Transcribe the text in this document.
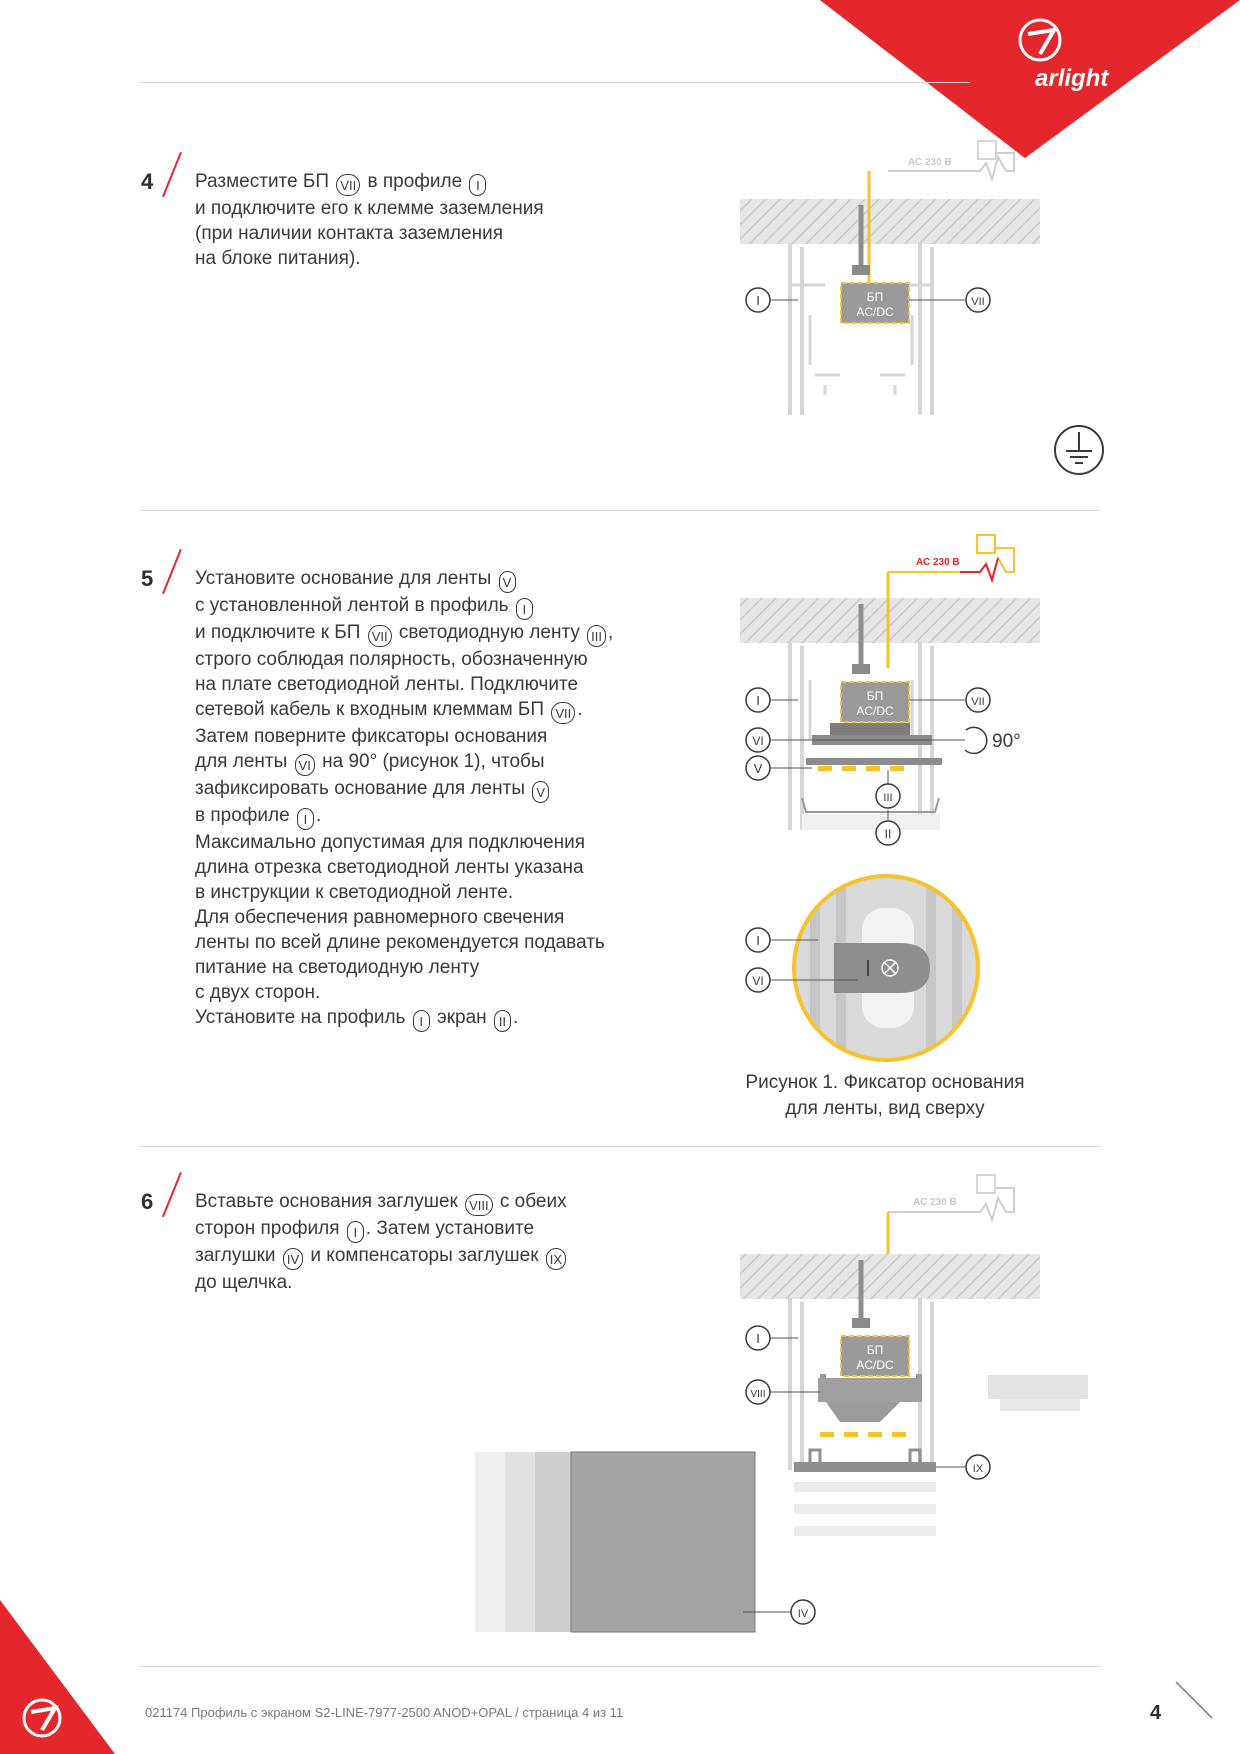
arlight
4 Разместите БП VII в профиле I
и подключите его к клемме заземления
(при наличии контакта заземления
на блоке питания).
5 Установите основание для ленты V
с установленной лентой в профиль I
и подключите к БП VII светодиодную ленту III ,
строго соблюдая полярность, обозначенную
на плате светодиодной ленты. Подключите
сетевой кабель к входным клеммам БП VII .
Затем поверните фиксаторы основания
для ленты VI на 90° (рисунок 1), чтобы
зафиксировать основание для ленты V
в профиле I .
Максимально допустимая для подключения
длина отрезка светодиодной ленты указана
в инструкции к светодиодной ленте.
Для обеспечения равномерного свечения
ленты по всей длине рекомендуется подавать
питание на светодиодную ленту
с двух сторон.
Установите на профиль I экран II .
6 Вставьте основания заглушек VIII с обеих
сторон профиля I . Затем установите
заглушки IV и компенсаторы заглушек IX
до щелчка.
АС 230 В
БП
AC/DC
I	VII
АС 230 В
БП
AC/DC
I	VII
VI	90°
V
III
II
I
VI
Рисунок 1. Фиксатор основания
для ленты, вид сверху
АС 230 В
БП
AC/DC
I
VIII
IX
IV
021174 Профиль с экраном S2-LINE-7977-2500 ANOD+OPAL / страница 4 из 11	4
